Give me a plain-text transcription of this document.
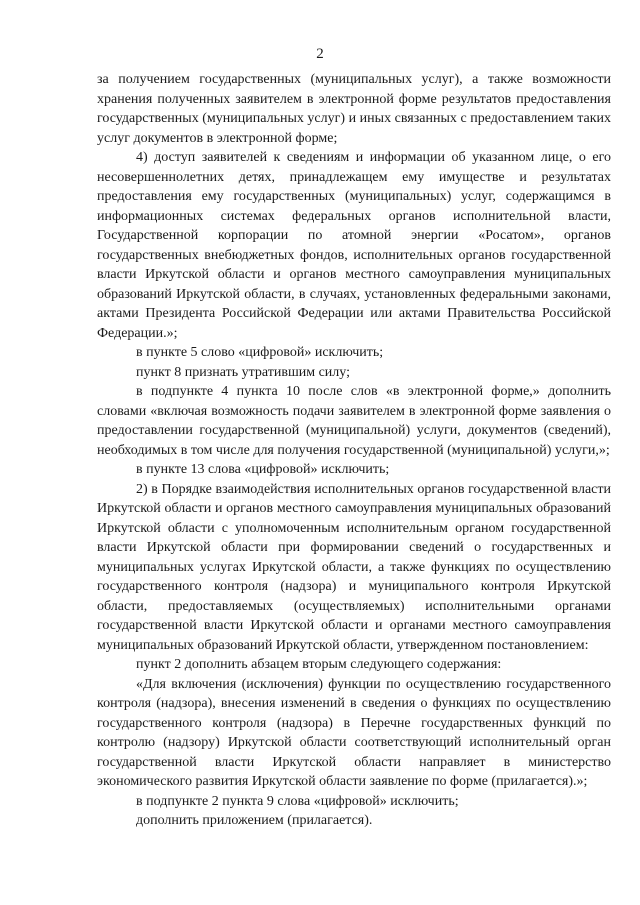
2

за получением государственных (муниципальных услуг), а также возможности хранения полученных заявителем в электронной форме результатов предоставления государственных (муниципальных услуг) и иных связанных с предоставлением таких услуг документов в электронной форме;

4) доступ заявителей к сведениям и информации об указанном лице, о его несовершеннолетних детях, принадлежащем ему имуществе и результатах предоставления ему государственных (муниципальных) услуг, содержащимся в информационных системах федеральных органов исполнительной власти, Государственной корпорации по атомной энергии «Росатом», органов государственных внебюджетных фондов, исполнительных органов государственной власти Иркутской области и органов местного самоуправления муниципальных образований Иркутской области, в случаях, установленных федеральными законами, актами Президента Российской Федерации или актами Правительства Российской Федерации.»;

в пункте 5 слово «цифровой» исключить;

пункт 8 признать утратившим силу;

в подпункте 4 пункта 10 после слов «в электронной форме,» дополнить словами «включая возможность подачи заявителем в электронной форме заявления о предоставлении государственной (муниципальной) услуги, документов (сведений), необходимых в том числе для получения государственной (муниципальной) услуги,»;

в пункте 13 слова «цифровой» исключить;

2) в Порядке взаимодействия исполнительных органов государственной власти Иркутской области и органов местного самоуправления муниципальных образований Иркутской области с уполномоченным исполнительным органом государственной власти Иркутской области при формировании сведений о государственных и муниципальных услугах Иркутской области, а также функциях по осуществлению государственного контроля (надзора) и муниципального контроля Иркутской области, предоставляемых (осуществляемых) исполнительными органами государственной власти Иркутской области и органами местного самоуправления муниципальных образований Иркутской области, утвержденном постановлением:

пункт 2 дополнить абзацем вторым следующего содержания:

«Для включения (исключения) функции по осуществлению государственного контроля (надзора), внесения изменений в сведения о функциях по осуществлению государственного контроля (надзора) в Перечне государственных функций по контролю (надзору) Иркутской области соответствующий исполнительный орган государственной власти Иркутской области направляет в министерство экономического развития Иркутской области заявление по форме (прилагается).»;

в подпункте 2 пункта 9 слова «цифровой» исключить;

дополнить приложением (прилагается).
